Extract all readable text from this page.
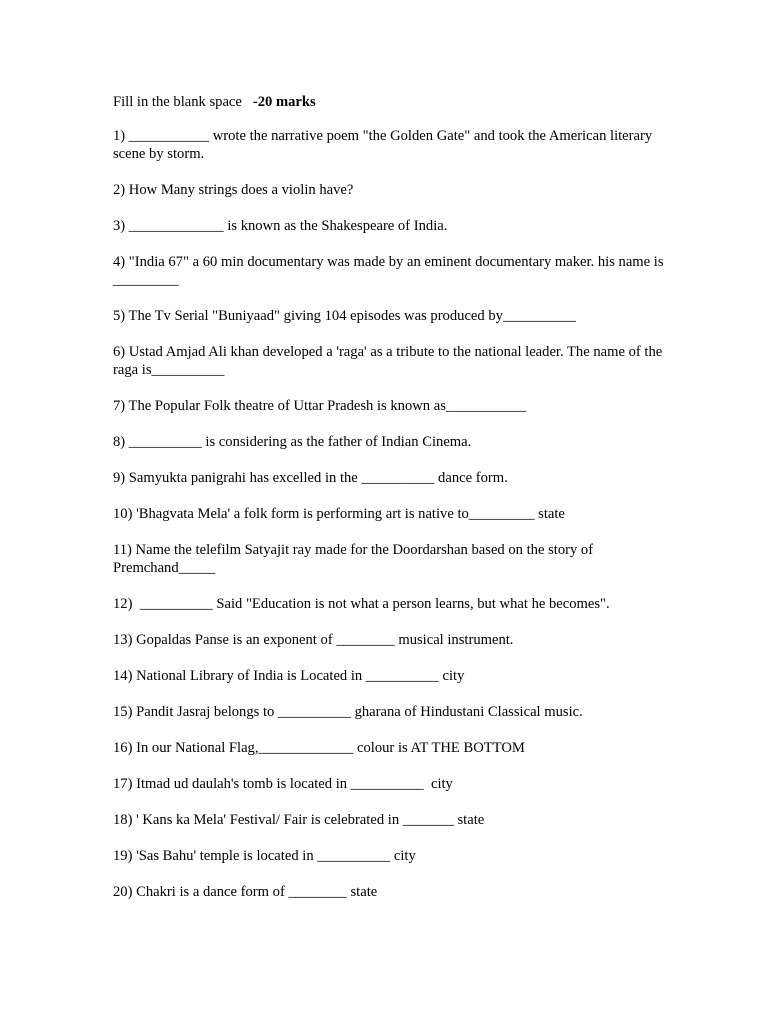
Fill in the blank space   -20 marks

1) ___________ wrote the narrative poem "the Golden Gate" and took the American literary scene by storm.

2) How Many strings does a violin have?

3) _____________ is known as the Shakespeare of India.

4) "India 67" a 60 min documentary was made by an eminent documentary maker. his name is _________

5) The Tv Serial "Buniyaad" giving 104 episodes was produced by__________

6) Ustad Amjad Ali khan developed a 'raga' as a tribute to the national leader. The name of the raga is__________

7) The Popular Folk theatre of Uttar Pradesh is known as___________

8) __________ is considering as the father of Indian Cinema.

9) Samyukta panigrahi has excelled in the __________ dance form.

10) 'Bhagvata Mela' a folk form is performing art is native to_________ state

11) Name the telefilm Satyajit ray made for the Doordarshan based on the story of Premchand_____

12)  __________ Said "Education is not what a person learns, but what he becomes".

13) Gopaldas Panse is an exponent of ________ musical instrument.

14) National Library of India is Located in __________ city

15) Pandit Jasraj belongs to __________ gharana of Hindustani Classical music.

16) In our National Flag,_____________ colour is AT THE BOTTOM

17) Itmad ud daulah's tomb is located in __________  city

18) ' Kans ka Mela' Festival/ Fair is celebrated in _______ state

19) 'Sas Bahu' temple is located in __________ city

20) Chakri is a dance form of ________ state
